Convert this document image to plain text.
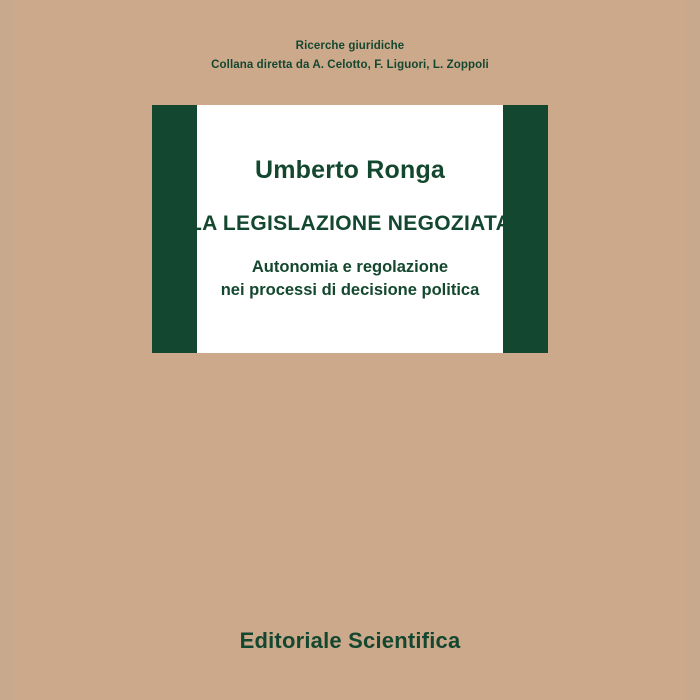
Ricerche giuridiche
Collana diretta da A. Celotto, F. Liguori, L. Zoppoli
Umberto Ronga
LA LEGISLAZIONE NEGOZIATA
Autonomia e regolazione
nei processi di decisione politica
Editoriale Scientifica
